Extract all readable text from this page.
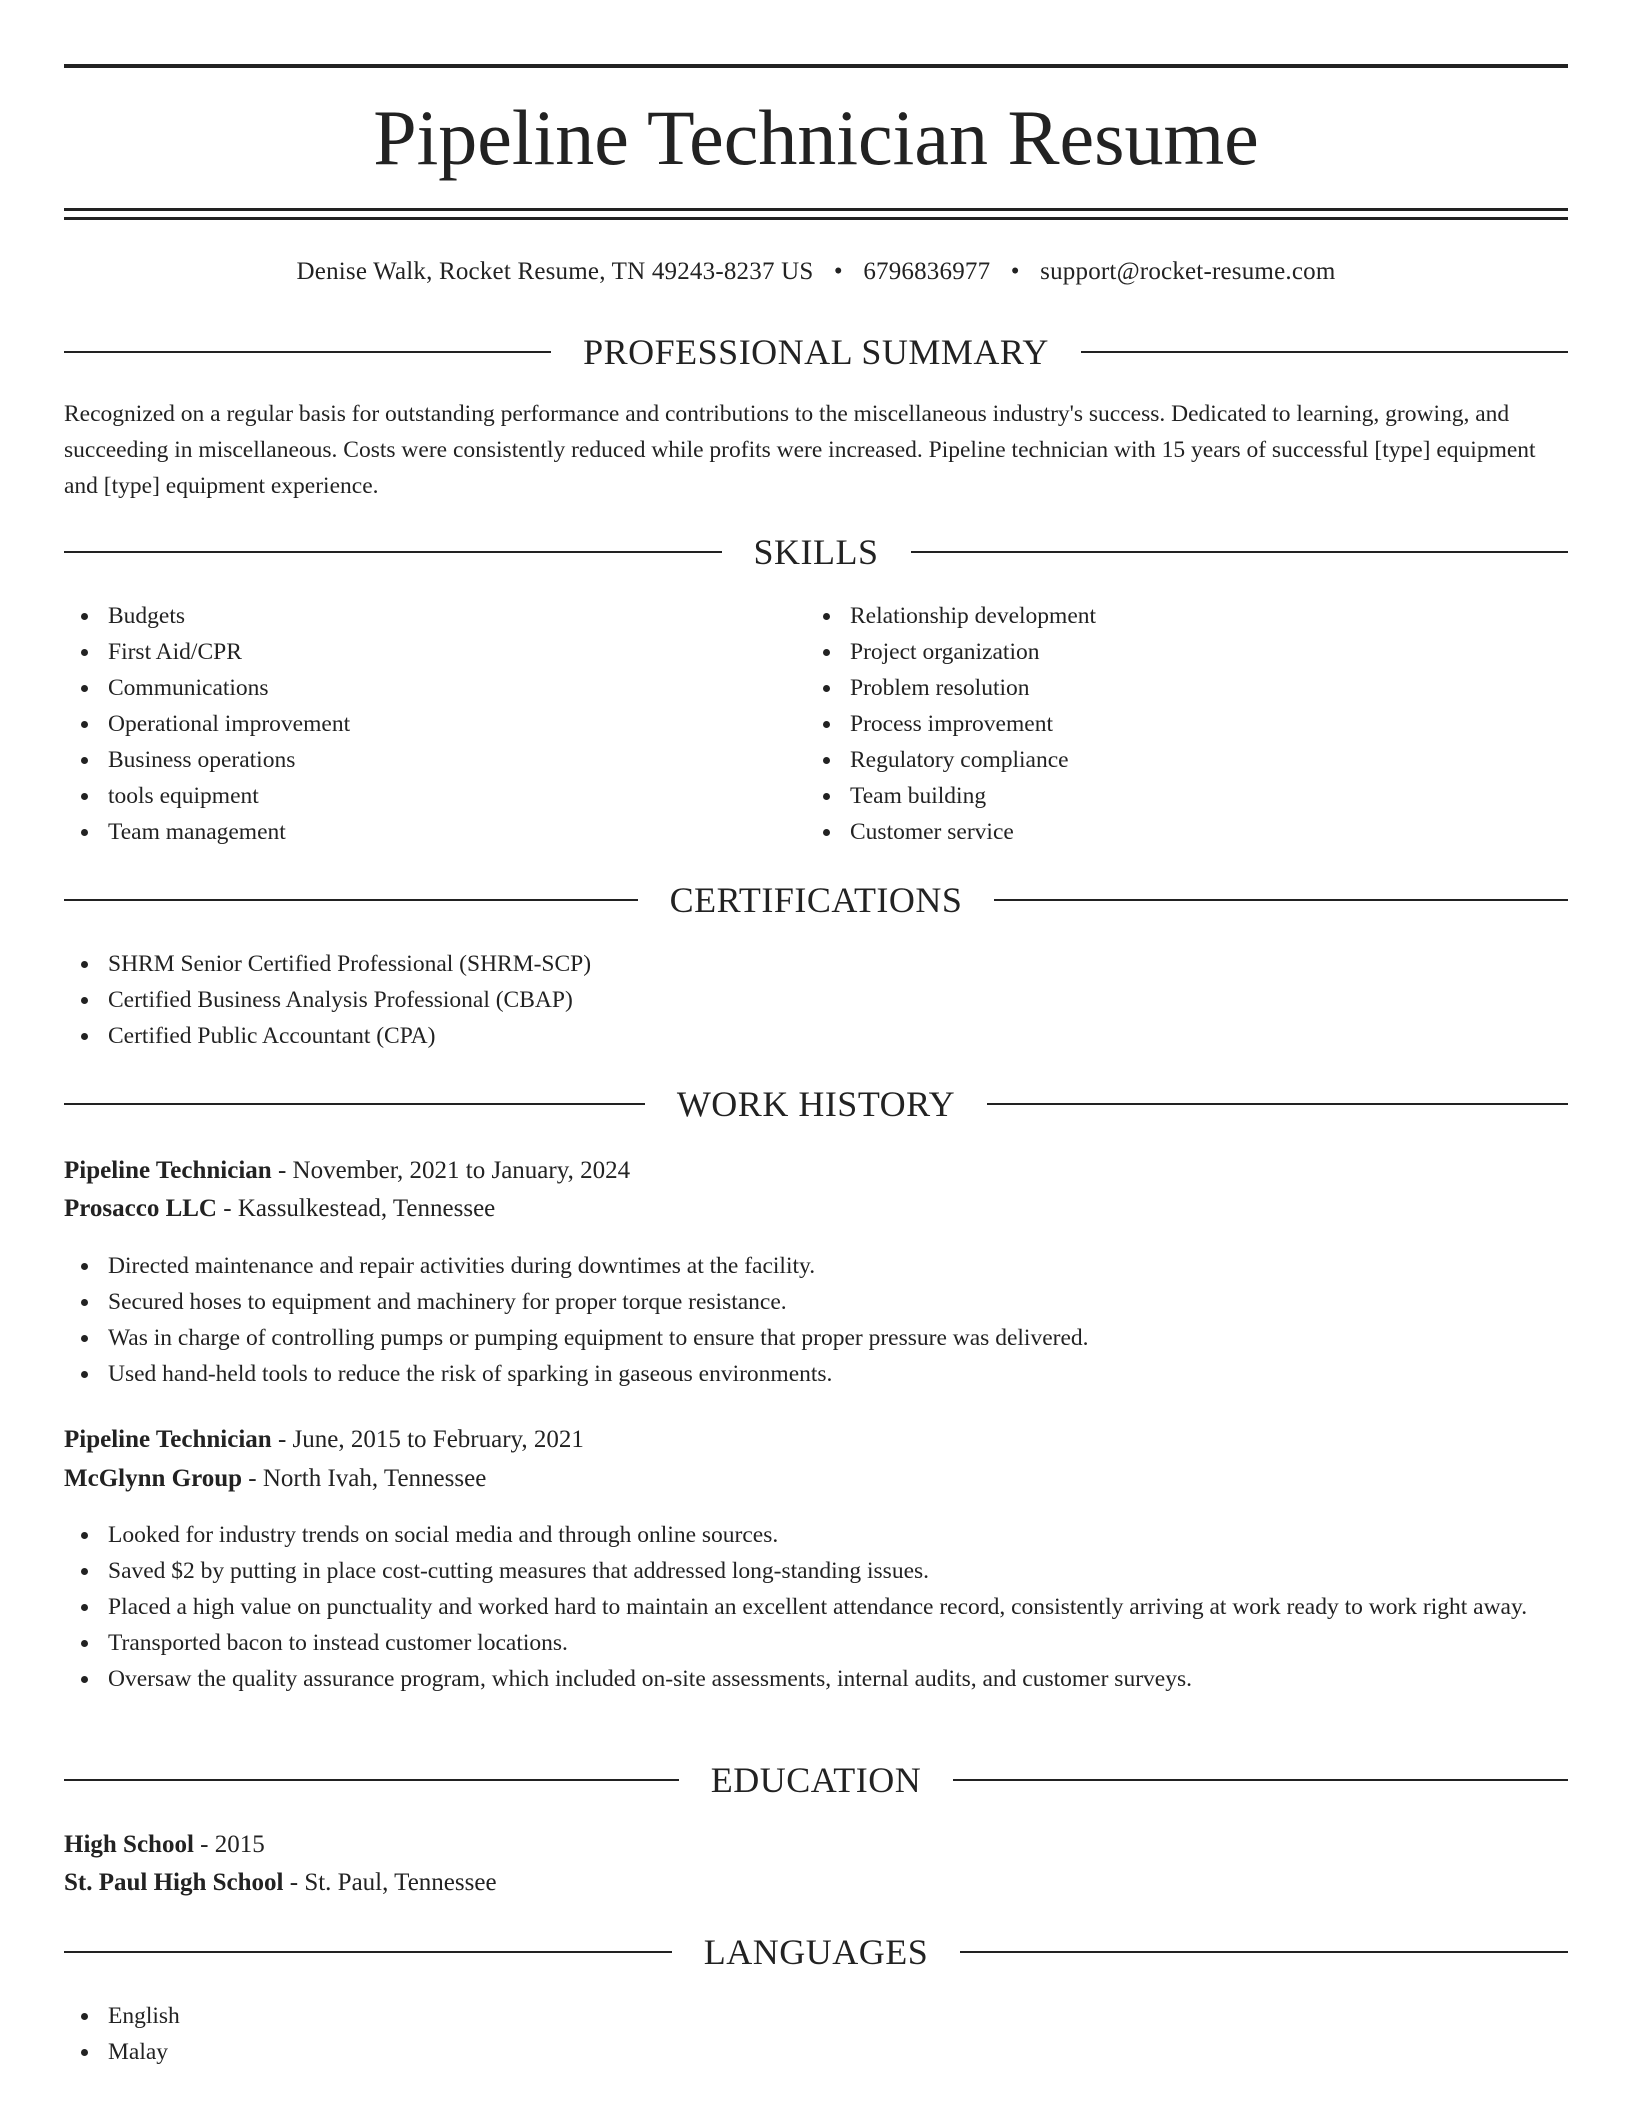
Pipeline Technician Resume
Denise Walk, Rocket Resume, TN 49243-8237 US • 6796836977 • support@rocket-resume.com
PROFESSIONAL SUMMARY

Recognized on a regular basis for outstanding performance and contributions to the miscellaneous industry's success. Dedicated to learning, growing, and succeeding in miscellaneous. Costs were consistently reduced while profits were increased. Pipeline technician with 15 years of successful [type] equipment and [type] equipment experience.

SKILLS
Budgets
First Aid/CPR
Communications
Operational improvement
Business operations
tools equipment
Team management
Relationship development
Project organization
Problem resolution
Process improvement
Regulatory compliance
Team building
Customer service
CERTIFICATIONS
SHRM Senior Certified Professional (SHRM-SCP)
Certified Business Analysis Professional (CBAP)
Certified Public Accountant (CPA)
WORK HISTORY
Pipeline Technician - November, 2021 to January, 2024
Prosacco LLC - Kassulkestead, Tennessee
Directed maintenance and repair activities during downtimes at the facility.
Secured hoses to equipment and machinery for proper torque resistance.
Was in charge of controlling pumps or pumping equipment to ensure that proper pressure was delivered.
Used hand-held tools to reduce the risk of sparking in gaseous environments.
Pipeline Technician - June, 2015 to February, 2021
McGlynn Group - North Ivah, Tennessee
Looked for industry trends on social media and through online sources.
Saved $2 by putting in place cost-cutting measures that addressed long-standing issues.
Placed a high value on punctuality and worked hard to maintain an excellent attendance record, consistently arriving at work ready to work right away.
Transported bacon to instead customer locations.
Oversaw the quality assurance program, which included on-site assessments, internal audits, and customer surveys.
EDUCATION
High School - 2015
St. Paul High School - St. Paul, Tennessee
LANGUAGES
English
Malay
